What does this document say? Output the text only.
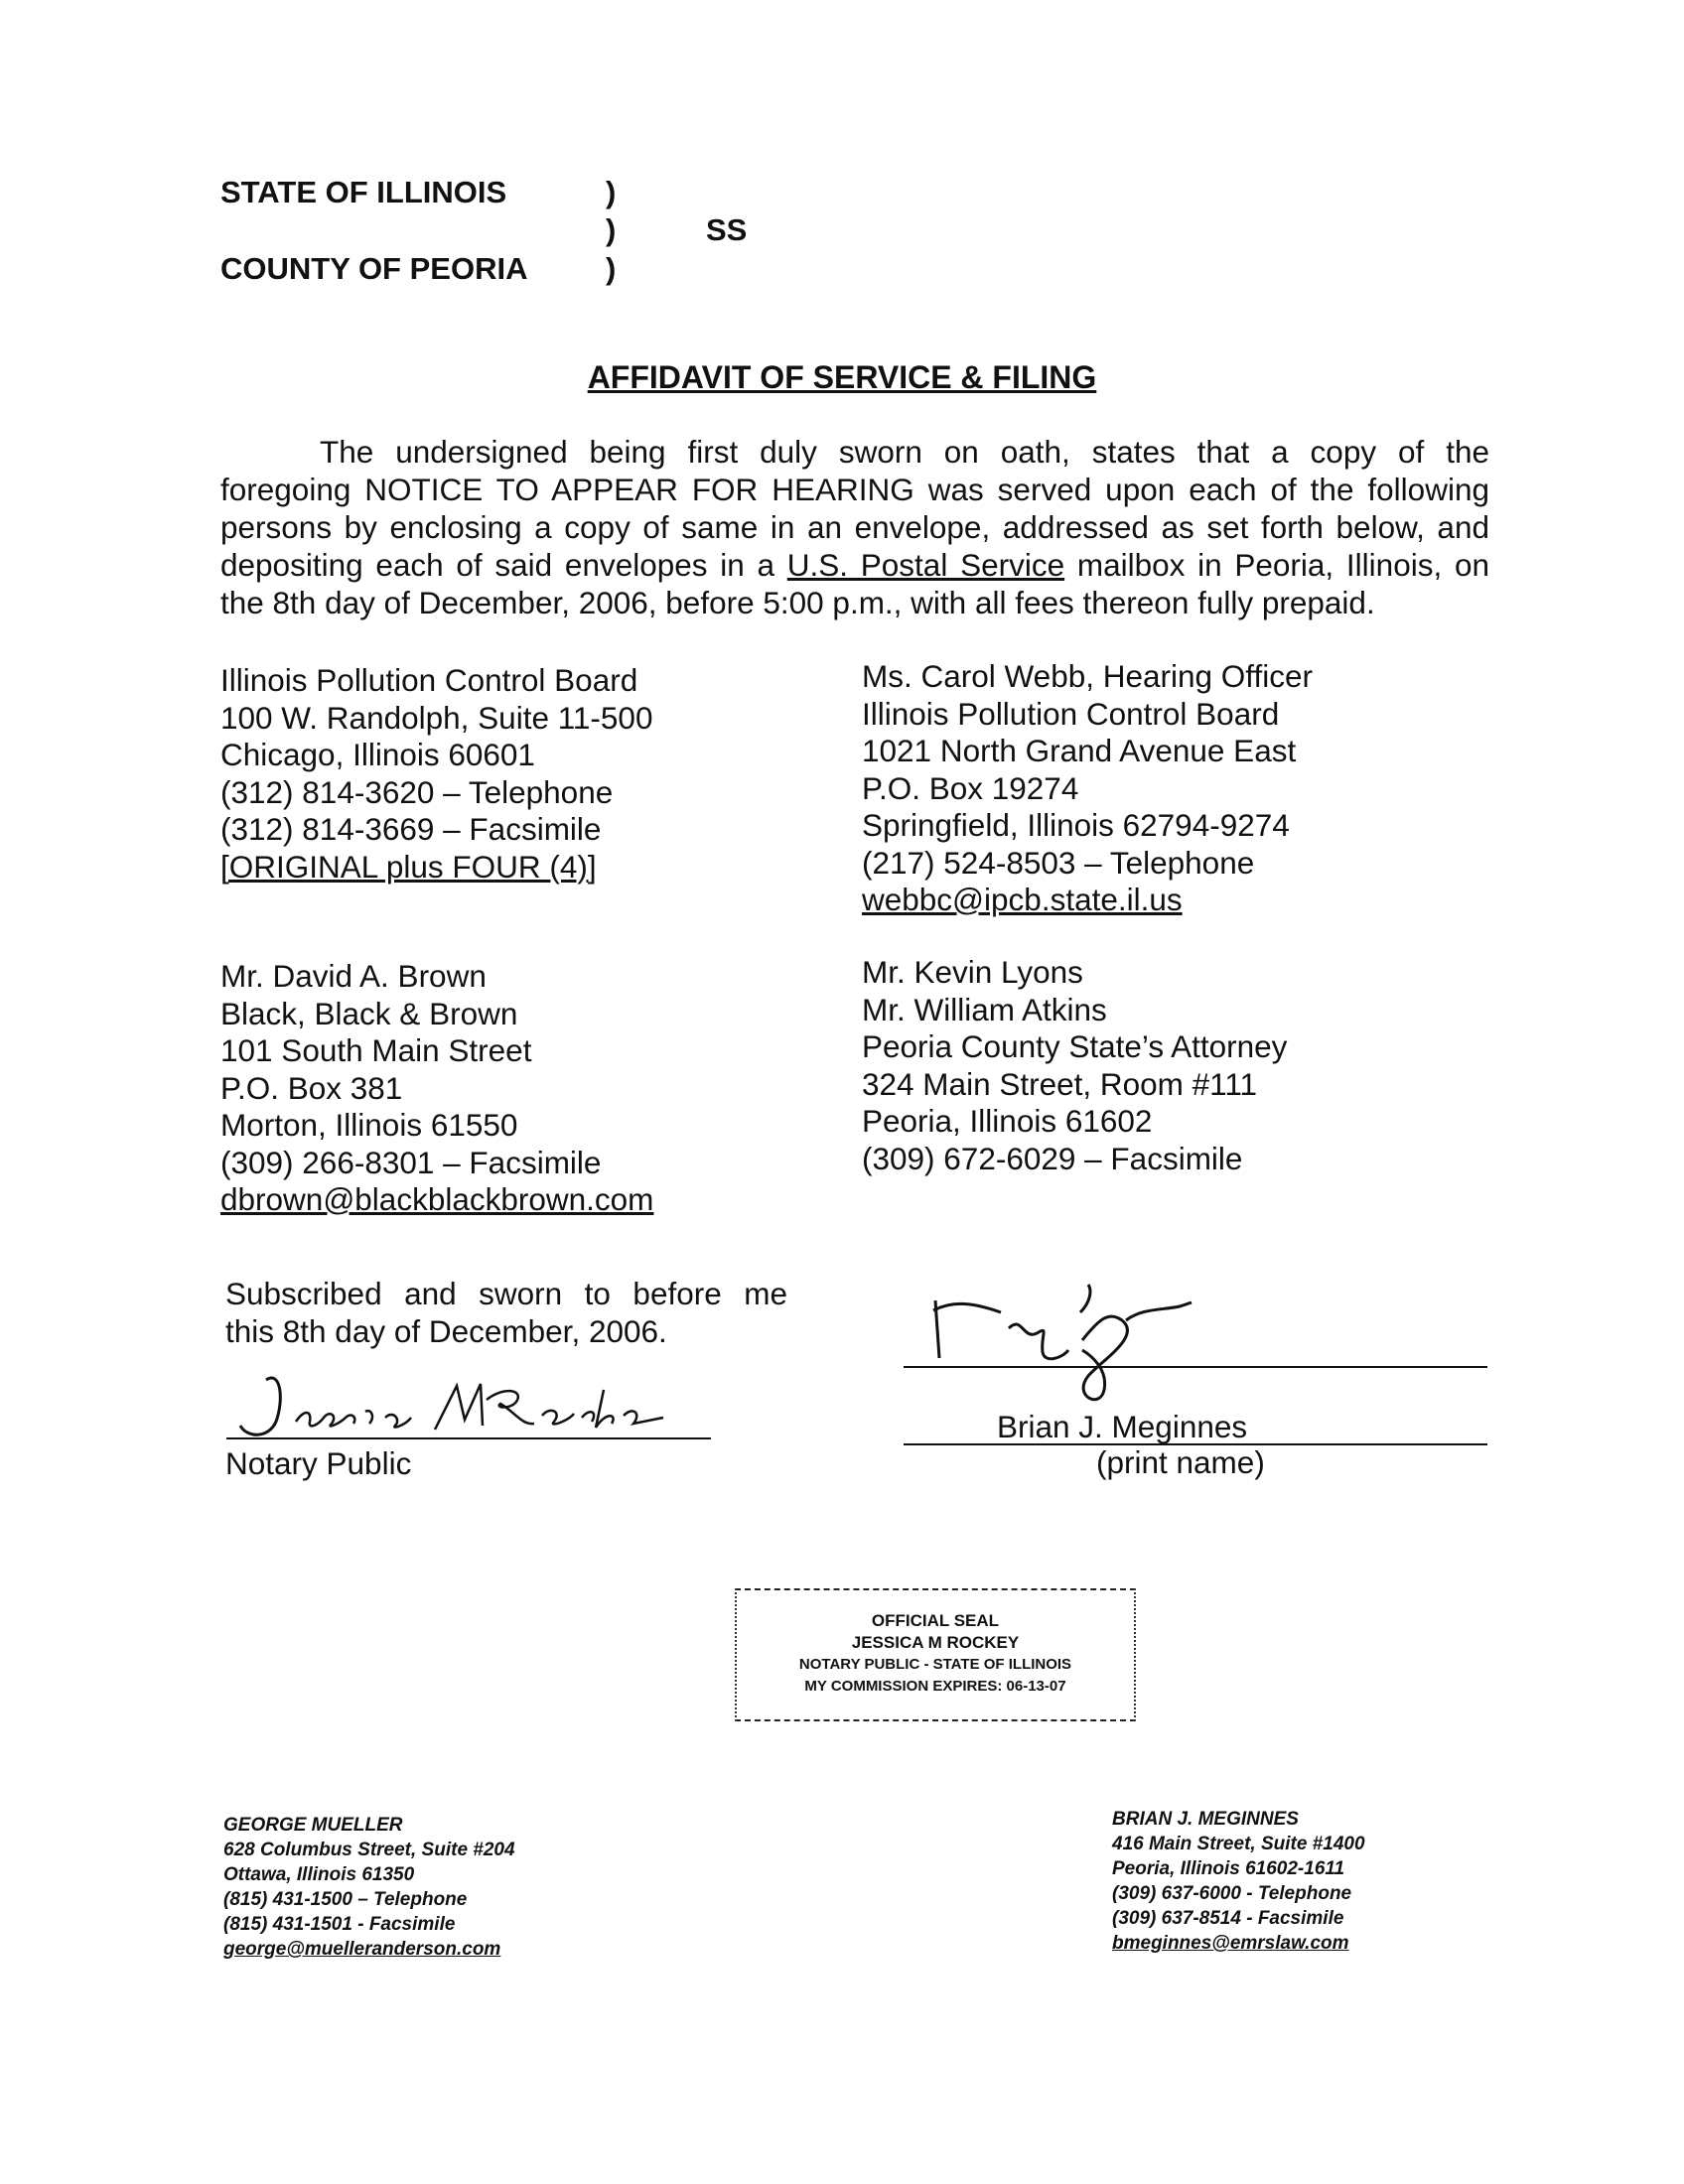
STATE OF ILLINOIS
COUNTY OF PEORIA
)
)
)
SS
AFFIDAVIT OF SERVICE & FILING
The undersigned being first duly sworn on oath, states that a copy of the
foregoing NOTICE TO APPEAR FOR HEARING was served upon each of the following
persons by enclosing a copy of same in an envelope, addressed as set forth below, and
depositing each of said envelopes in a U.S. Postal Service mailbox in Peoria, Illinois, on
the 8th day of December, 2006, before 5:00 p.m., with all fees thereon fully prepaid.
Illinois Pollution Control Board
100 W. Randolph, Suite 11-500
Chicago, Illinois 60601
(312) 814-3620 – Telephone
(312) 814-3669 – Facsimile
[ORIGINAL plus FOUR (4)]
Ms. Carol Webb, Hearing Officer
Illinois Pollution Control Board
1021 North Grand Avenue East
P.O. Box 19274
Springfield, Illinois 62794-9274
(217) 524-8503 – Telephone
webbc@ipcb.state.il.us
Mr. David A. Brown
Black, Black & Brown
101 South Main Street
P.O. Box 381
Morton, Illinois 61550
(309) 266-8301 – Facsimile
dbrown@blackblackbrown.com
Mr. Kevin Lyons
Mr. William Atkins
Peoria County State’s Attorney
324 Main Street, Room #111
Peoria, Illinois 61602
(309) 672-6029 – Facsimile
Subscribed and sworn to before me
this 8th day of December, 2006.
Notary Public
Brian J. Meginnes
(print name)
OFFICIAL SEAL
JESSICA M ROCKEY
NOTARY PUBLIC - STATE OF ILLINOIS
MY COMMISSION EXPIRES: 06-13-07
GEORGE MUELLER
628 Columbus Street, Suite #204
Ottawa, Illinois 61350
(815) 431-1500 – Telephone
(815) 431-1501 - Facsimile
george@muelleranderson.com
BRIAN J. MEGINNES
416 Main Street, Suite #1400
Peoria, Illinois 61602-1611
(309) 637-6000 - Telephone
(309) 637-8514 - Facsimile
bmeginnes@emrslaw.com
